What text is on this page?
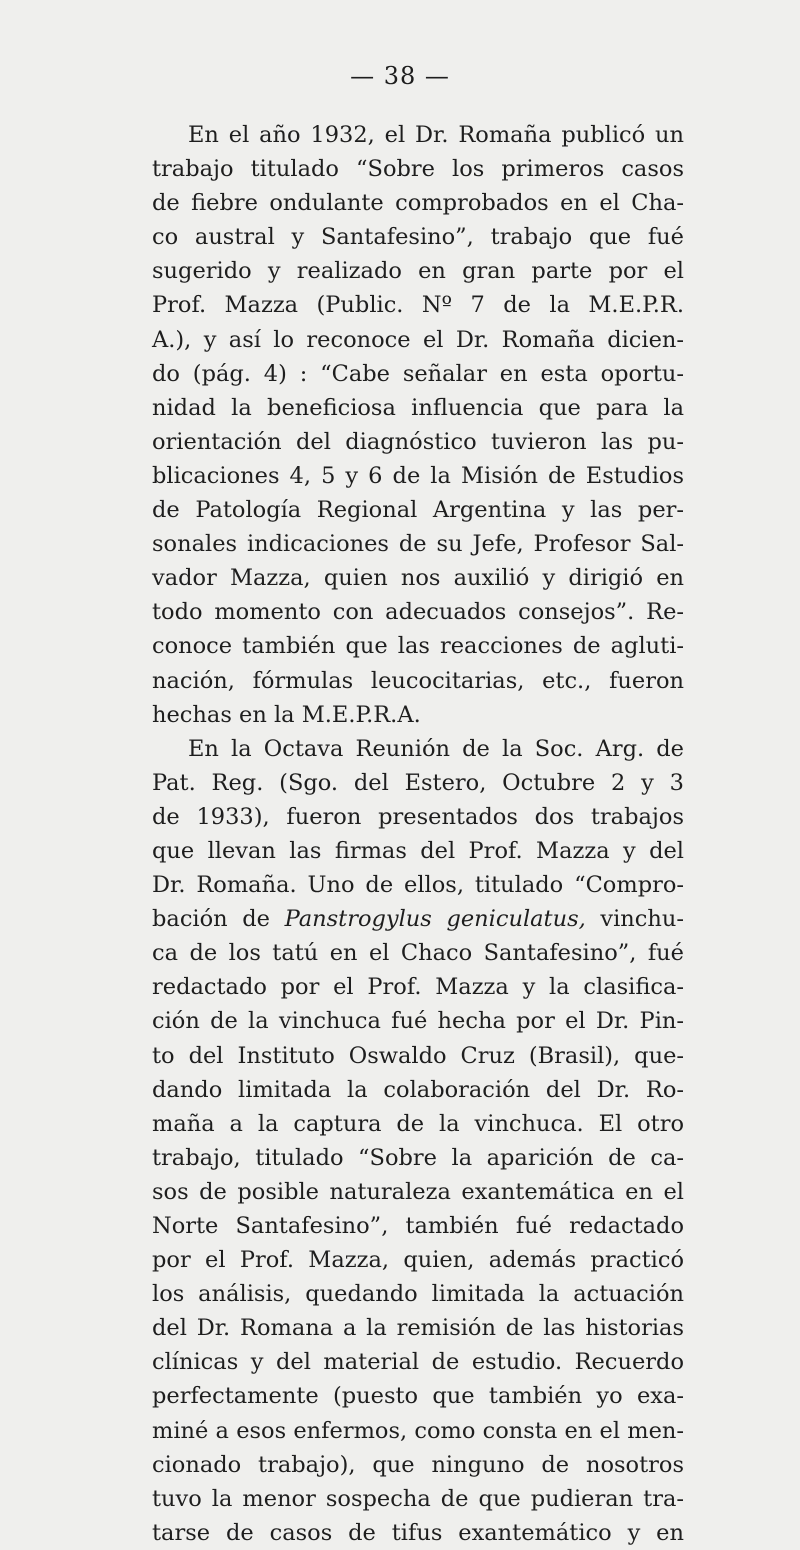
— 38 —
En el año 1932, el Dr. Romaña publicó un
trabajo titulado “Sobre los primeros casos
de fiebre ondulante comprobados en el Cha-
co austral y Santafesino”, trabajo que fué
sugerido y realizado en gran parte por el
Prof. Mazza (Public. Nº 7 de la M.E.P.R.
A.), y así lo reconoce el Dr. Romaña dicien-
do (pág. 4) : “Cabe señalar en esta oportu-
nidad la beneficiosa influencia que para la
orientación del diagnóstico tuvieron las pu-
blicaciones 4, 5 y 6 de la Misión de Estudios
de Patología Regional Argentina y las per-
sonales indicaciones de su Jefe, Profesor Sal-
vador Mazza, quien nos auxilió y dirigió en
todo momento con adecuados consejos”. Re-
conoce también que las reacciones de agluti-
nación, fórmulas leucocitarias, etc., fueron
hechas en la M.E.P.R.A.
En la Octava Reunión de la Soc. Arg. de
Pat. Reg. (Sgo. del Estero, Octubre 2 y 3
de 1933), fueron presentados dos trabajos
que llevan las firmas del Prof. Mazza y del
Dr. Romaña. Uno de ellos, titulado “Compro-
bación de Panstrogylus geniculatus, vinchu-
ca de los tatú en el Chaco Santafesino”, fué
redactado por el Prof. Mazza y la clasifica-
ción de la vinchuca fué hecha por el Dr. Pin-
to del Instituto Oswaldo Cruz (Brasil), que-
dando limitada la colaboración del Dr. Ro-
maña a la captura de la vinchuca. El otro
trabajo, titulado “Sobre la aparición de ca-
sos de posible naturaleza exantemática en el
Norte Santafesino”, también fué redactado
por el Prof. Mazza, quien, además practicó
los análisis, quedando limitada la actuación
del Dr. Romana a la remisión de las historias
clínicas y del material de estudio. Recuerdo
perfectamente (puesto que también yo exa-
miné a esos enfermos, como consta en el men-
cionado trabajo), que ninguno de nosotros
tuvo la menor sospecha de que pudieran tra-
tarse de casos de tifus exantemático y en
